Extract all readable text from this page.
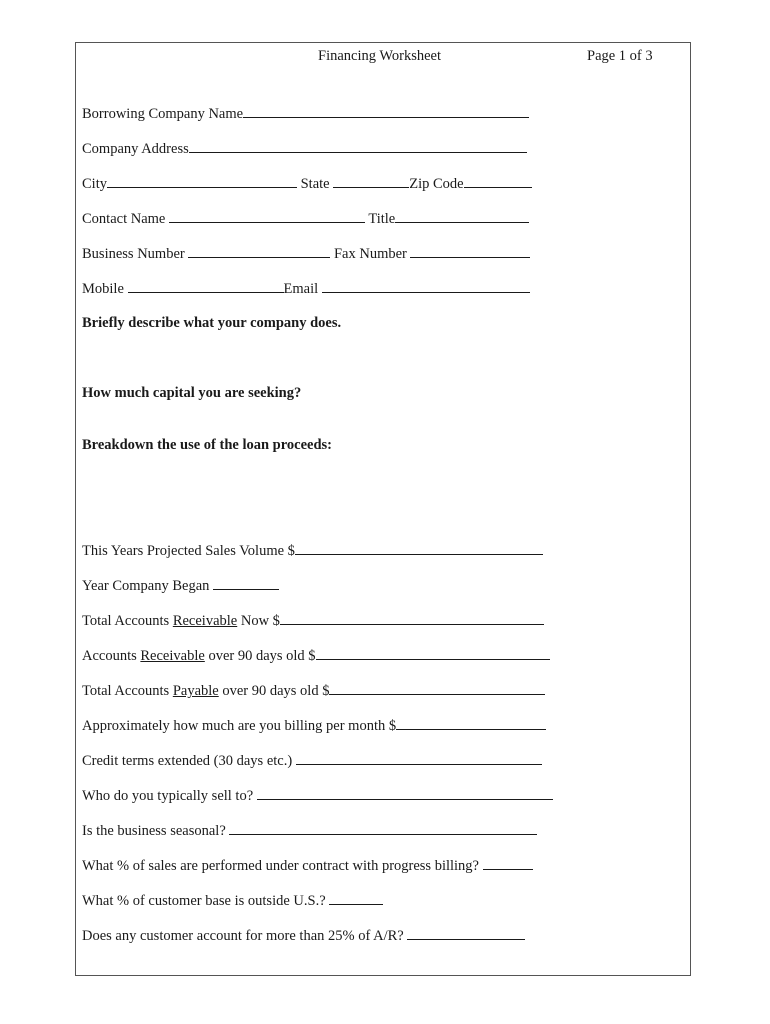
Financing Worksheet	Page 1 of 3
Borrowing Company Name
Company Address
City	State	Zip Code
Contact Name	Title
Business Number	Fax Number
Mobile	Email
Briefly describe what your company does.
How much capital you are seeking?
Breakdown the use of the loan proceeds:
This Years Projected Sales Volume $
Year Company Began
Total Accounts Receivable Now $
Accounts Receivable over 90 days old $
Total Accounts Payable over 90 days old $
Approximately how much are you billing per month $
Credit terms extended (30 days etc.)
Who do you typically sell to?
Is the business seasonal?
What % of sales are performed under contract with progress billing?
What % of customer base is outside U.S.?
Does any customer account for more than 25% of A/R?
